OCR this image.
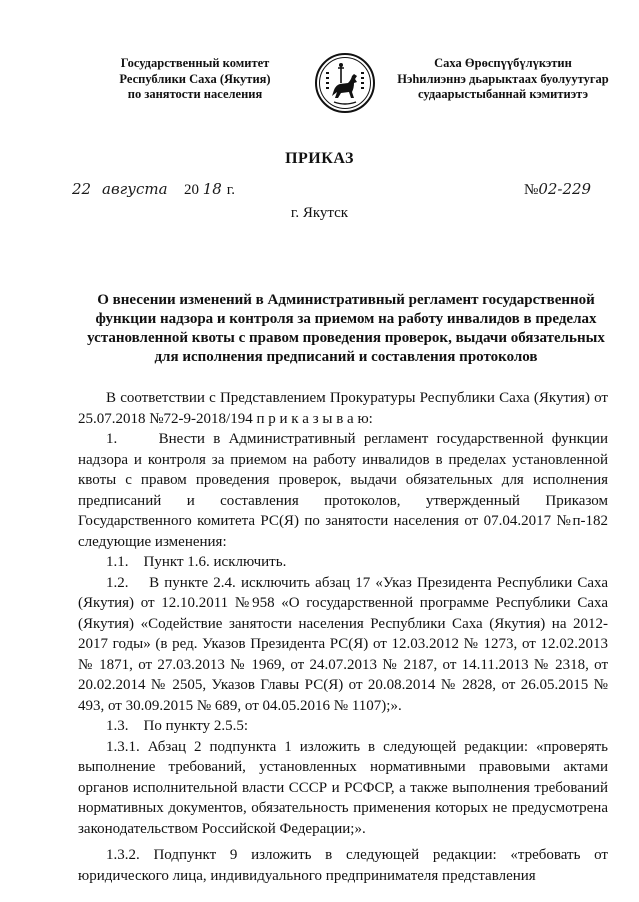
Государственный комитет
Республики Саха (Якутия)
по занятости населения
Саха Өрөспүүбүлүкэтин
Нэһилиэннэ дьарыктаах буолуутугар
судаарыстыбаннай кэмитиэтэ
ПРИКАЗ
22 августа 20 18 г.	№02-229
г. Якутск
О внесении изменений в Административный регламент государственной
функции надзора и контроля за приемом на работу инвалидов в пределах
установленной квоты с правом проведения проверок, выдачи обязательных
для исполнения предписаний и составления протоколов

В соответствии с Представлением Прокуратуры Республики Саха (Якутия) от 25.07.2018 №72-9-2018/194 п р и к а з ы в а ю:

1.     Внести в Административный регламент государственной функции надзора и контроля за приемом на работу инвалидов в пределах установленной квоты с правом проведения проверок, выдачи обязательных для исполнения предписаний и составления протоколов, утвержденный Приказом Государственного комитета РС(Я) по занятости населения от 07.04.2017 №п-182 следующие изменения:

1.1.    Пункт 1.6. исключить.

1.2.    В пункте 2.4. исключить абзац 17 «Указ Президента Республики Саха (Якутия) от 12.10.2011 №958 «О государственной программе Республики Саха (Якутия) «Содействие занятости населения Республики Саха (Якутия) на 2012-2017 годы» (в ред. Указов Президента РС(Я) от 12.03.2012 № 1273, от 12.02.2013 № 1871, от 27.03.2013 № 1969, от 24.07.2013 № 2187, от 14.11.2013 № 2318, от 20.02.2014 № 2505, Указов Главы РС(Я) от 20.08.2014 № 2828, от 26.05.2015 № 493, от 30.09.2015 № 689, от 04.05.2016 № 1107);».

1.3.    По пункту 2.5.5:

1.3.1. Абзац 2 подпункта 1 изложить в следующей редакции: «проверять выполнение требований, установленных нормативными правовыми актами органов исполнительной власти СССР и РСФСР, а также выполнения требований нормативных документов, обязательность применения которых не предусмотрена законодательством Российской Федерации;».

1.3.2. Подпункт 9 изложить в следующей редакции: «требовать от юридического лица, индивидуального предпринимателя представления
